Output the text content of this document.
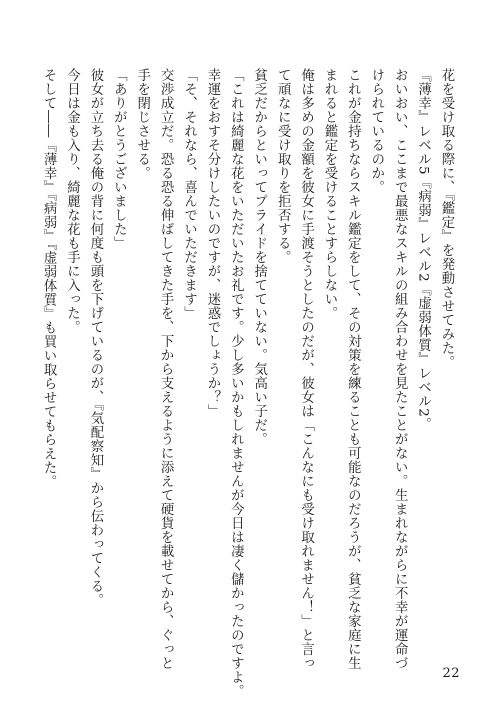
花を受け取る際に、『鑑定』を発動させてみた。
『薄幸』レベル5『病弱』レベル2『虚弱体質』レベル2。
おいおい、ここまで最悪なスキルの組み合わせを見たことがない。生まれながらに不幸が運命づ
けられているのか。
これが金持ちならスキル鑑定をして、その対策を練ることも可能なのだろうが、貧乏な家庭に生
まれると鑑定を受けることすらしない。
俺は多めの金額を彼女に手渡そうとしたのだが、彼女は「こんなにも受け取れません！」と言っ
て頑なに受け取りを拒否する。
貧乏だからといってプライドを捨てていない。気高い子だ。
「これは綺麗な花をいただいたお礼です。少し多いかもしれませんが今日は凄く儲かったのですよ。
幸運をおすそ分けしたいのですが、迷惑でしょうか？」
「そ、それなら、喜んでいただきます」
交渉成立だ。恐る恐る伸ばしてきた手を、下から支えるように添えて硬貨を載せてから、ぐっと
手を閉じさせる。
「ありがとうございました」
彼女が立ち去る俺の背に何度も頭を下げているのが、『気配察知』から伝わってくる。
今日は金も入り、綺麗な花も手に入った。
そして――『薄幸』『病弱』『虚弱体質』も買い取らせてもらえた。
22
